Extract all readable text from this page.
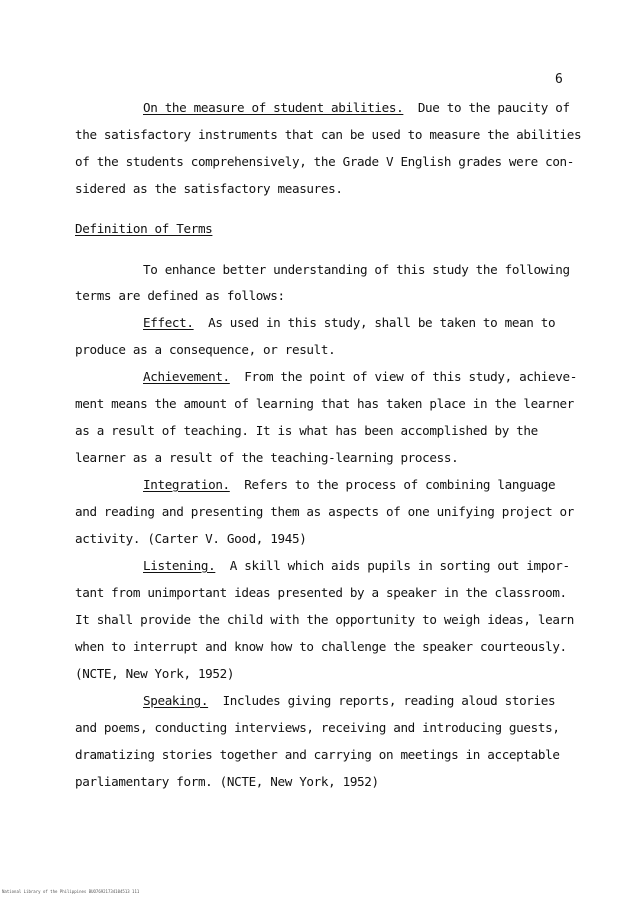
6
On the measure of student abilities. Due to the paucity of
the satisfactory instruments that can be used to measure the abilities
of the students comprehensively, the Grade V English grades were con-
sidered as the satisfactory measures.
Definition of Terms
To enhance better understanding of this study the following
terms are defined as follows:
Effect. As used in this study, shall be taken to mean to
produce as a consequence, or result.
Achievement. From the point of view of this study, achieve-
ment means the amount of learning that has taken place in the learner
as a result of teaching. It is what has been accomplished by the
learner as a result of the teaching-learning process.
Integration. Refers to the process of combining language
and reading and presenting them as aspects of one unifying project or
activity. (Carter V. Good, 1945)
Listening. A skill which aids pupils in sorting out impor-
tant from unimportant ideas presented by a speaker in the classroom.
It shall provide the child with the opportunity to weigh ideas, learn
when to interrupt and know how to challenge the speaker courteously.
(NCTE, New York, 1952)
Speaking. Includes giving reports, reading aloud stories
and poems, conducting interviews, receiving and introducing guests,
dramatizing stories together and carrying on meetings in acceptable
parliamentary form. (NCTE, New York, 1952)
National Library of the Philippines BUO76921734104513 111
